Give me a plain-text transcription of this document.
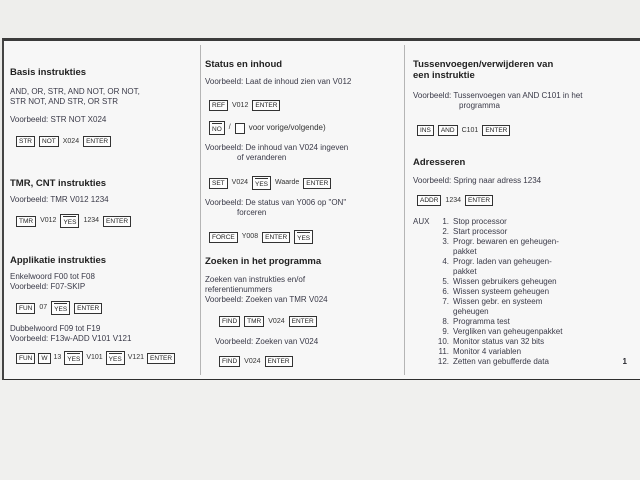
Basis instrukties
AND, OR, STR, AND NOT, OR NOT,
STR NOT, AND STR, OR STR
Voorbeeld: STR NOT X024
STR	NOT	X024	ENTER
TMR, CNT instrukties
Voorbeeld: TMR V012 1234
TMR	V012	YES	1234	ENTER
Applikatie instrukties
Enkelwoord F00 tot F08
Voorbeeld: F07-SKIP
FUN	07	YES	ENTER
Dubbelwoord F09 tot F19
Voorbeeld: F13w-ADD V101 V121
FUN	W 13 YES V101 YES V121 ENTER
Status en inhoud
Voorbeeld: Laat de inhoud zien van V012
REF	V012	ENTER
NO	/ voor vorige/volgende)
Voorbeeld: De inhoud van V024 ingeven
of veranderen
SET	V024	YES	Waarde	ENTER
Voorbeeld: De status van Y006 op "ON"
forceren
FORCE	Y008	ENTER	YES
Zoeken in het programma
Zoeken van instrukties en/of
referentienummers
Voorbeeld: Zoeken van TMR V024
FIND	TMR	V024	ENTER
Voorbeeld: Zoeken van V024
FIND	V024	ENTER
Tussenvoegen/verwijderen van
een instruktie
Voorbeeld: Tussenvoegen van AND C101 in het
programma
INS	AND	C101	ENTER
Adresseren
Voorbeeld: Spring naar adress 1234
ADDR	1234	ENTER
AUX	1. Stop processor
2. Start processor
3. Progr. bewaren en geheugen-
pakket
4. Progr. laden van geheugen-
pakket
5. Wissen gebruikers geheugen
6. Wissen systeem geheugen
7. Wissen gebr. en systeem
geheugen
8. Programma test
9. Vergliken van geheugenpakket
10. Monitor status van 32 bits
11. Monitor 4 variablen
12. Zetten van gebufferde data	1
